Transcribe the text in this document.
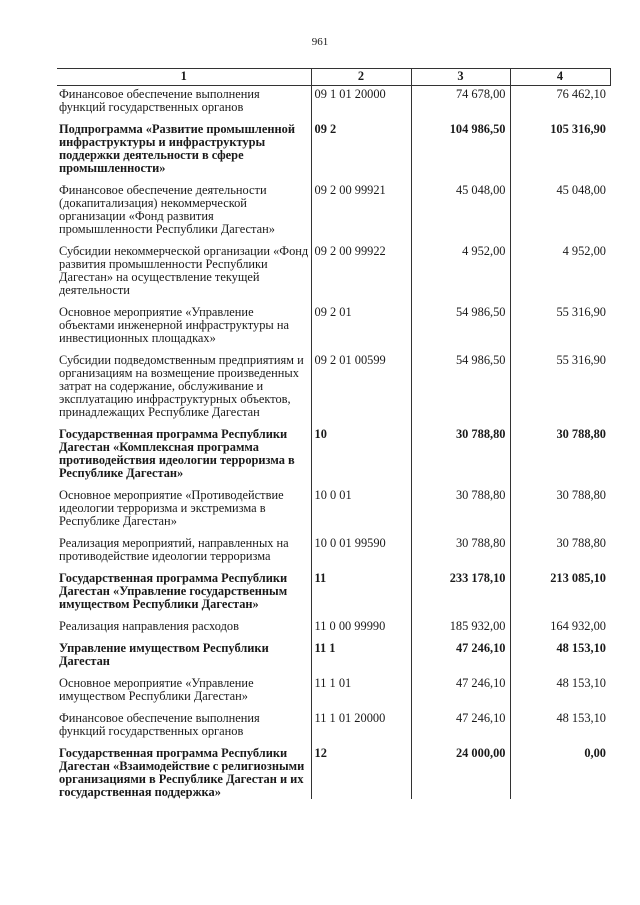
961
1	2	3	4
Финансовое обеспечение выполнения функций государственных органов	09 1 01 20000	74 678,00	76 462,10
Подпрограмма «Развитие промышленной инфраструктуры и инфраструктуры поддержки деятельности в сфере промышленности»	09 2	104 986,50	105 316,90
Финансовое обеспечение деятельности (докапитализация) некоммерческой организации «Фонд развития промышленности Республики Дагестан»	09 2 00 99921	45 048,00	45 048,00
Субсидии некоммерческой организации «Фонд развития промышленности Республики Дагестан» на осуществление текущей деятельности	09 2 00 99922	4 952,00	4 952,00
Основное мероприятие «Управление объектами инженерной инфраструктуры на инвестиционных площадках»	09 2 01	54 986,50	55 316,90
Субсидии подведомственным предприятиям и организациям на возмещение произведенных затрат на содержание, обслуживание и эксплуатацию инфраструктурных объектов, принадлежащих Республике Дагестан	09 2 01 00599	54 986,50	55 316,90
Государственная программа Республики Дагестан «Комплексная программа противодействия идеологии терроризма в Республике Дагестан»	10	30 788,80	30 788,80
Основное мероприятие «Противодействие идеологии терроризма и экстремизма в Республике Дагестан»	10 0 01	30 788,80	30 788,80
Реализация мероприятий, направленных на противодействие идеологии терроризма	10 0 01 99590	30 788,80	30 788,80
Государственная программа Республики Дагестан «Управление государственным имуществом Республики Дагестан»	11	233 178,10	213 085,10
Реализация направления расходов	11 0 00 99990	185 932,00	164 932,00
Управление имуществом Республики Дагестан	11 1	47 246,10	48 153,10
Основное мероприятие «Управление имуществом Республики Дагестан»	11 1 01	47 246,10	48 153,10
Финансовое обеспечение выполнения функций государственных органов	11 1 01 20000	47 246,10	48 153,10
Государственная программа Республики Дагестан «Взаимодействие с религиозными организациями в Республике Дагестан и их государственная поддержка»	12	24 000,00	0,00
